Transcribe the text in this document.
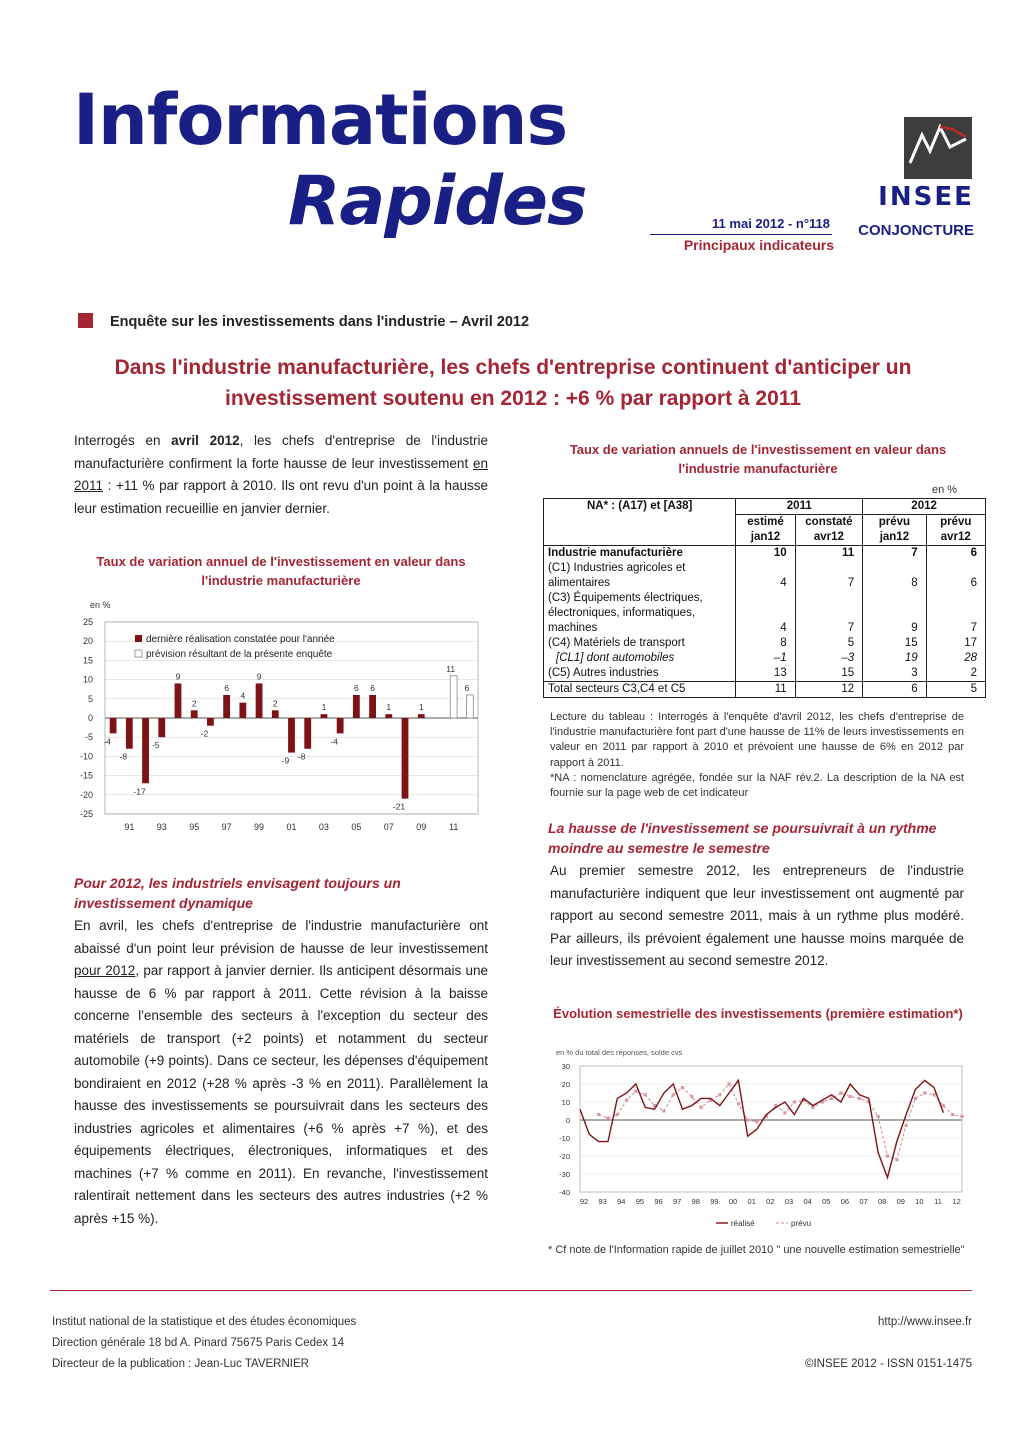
Informations
Rapides	11 mai 2012 - n°118
Principaux indicateurs
INSEE
CONJONCTURE
Enquête sur les investissements dans l'industrie – Avril 2012
Dans l'industrie manufacturière, les chefs d'entreprise continuent d'anticiper un investissement soutenu en 2012 : +6 % par rapport à 2011

Interrogés en avril 2012, les chefs d'entreprise de l'industrie manufacturière confirment la forte hausse de leur investissement en 2011 : +11 % par rapport à 2010. Ils ont revu d'un point à la hausse leur estimation recueillie en janvier dernier.

Taux de variation annuel de l'investissement en valeur dans l'industrie manufacturière
en %
-25
-20
-15
-10
-5
0
5
10
15
20
25
91 93 95 97 99 01 03 05 07 09	11
-4
-8
-17
-5
9
2
-2
6
4
9
2
-9 -8
1
-4
6 6
1
-21
1
11
6
dernière réalisation constatée pour l'année
prévision résultant de la présente enquête
Pour 2012, les industriels envisagent toujours un investissement dynamique

En avril, les chefs d'entreprise de l'industrie manufacturière ont abaissé d'un point leur prévision de hausse de leur investissement pour 2012, par rapport à janvier dernier. Ils anticipent désormais une hausse de 6 % par rapport à 2011. Cette révision à la baisse concerne l'ensemble des secteurs à l'exception du secteur des matériels de transport (+2 points) et notamment du secteur automobile (+9 points). Dans ce secteur, les dépenses d'équipement bondiraient en 2012 (+28 % après -3 % en 2011). Parallèlement la hausse des investissements se poursuivrait dans les secteurs des industries agricoles et alimentaires (+6 % après +7 %), et des équipements électriques, électroniques, informatiques et des machines (+7 % comme en 2011). En revanche, l'investissement ralentirait nettement dans les secteurs des autres industries (+2 % après +15 %).

Taux de variation annuels de l'investissement en valeur dans l'industrie manufacturière
en %
NA* : (A17) et [A38]	2011		2012	
	estimé jan12	constaté avr12	prévu jan12	prévu avr12
Industrie manufacturière	10	11	7	6
(C1) Industries agricoles et alimentaires	4	7	8	6
(C3) Équipements électriques, électroniques, informatiques, machines	4	7	9	7
(C4) Matériels de transport	8	5	15	17
[CL1] dont automobiles	–1	–3	19	28
(C5) Autres industries	13	15	3	2
Total secteurs C3,C4 et C5	11	12	6	5

Lecture du tableau : Interrogés à l'enquête d'avril 2012, les chefs d'entreprise de l'industrie manufacturière font part d'une hausse de 11% de leurs investissements en valeur en 2011 par rapport à 2010 et prévoient une hausse de 6% en 2012 par rapport à 2011.

*NA : nomenclature agrégée, fondée sur la NAF rév.2. La description de la NA est fournie sur la page web de cet indicateur

La hausse de l'investissement se poursuivrait à un rythme moindre au semestre le semestre

Au premier semestre 2012, les entrepreneurs de l'industrie manufacturière indiquent que leur investissement ont augmenté par rapport au second semestre 2011, mais à un rythme plus modéré. Par ailleurs, ils prévoient également une hausse moins marquée de leur investissement au second semestre 2012.

Évolution semestrielle des investissements (première estimation*)
en % du total des réponses, solde cvs
-40
-30
-20
-10
0
10
20
30
92 93 94 95 96 97 98 99 00 01 02 03 04 05 06 07 08 09 10 11 12
réalisé	prévu
* Cf note de l'Information rapide de juillet 2010 " une nouvelle estimation semestrielle"
Institut national de la statistique et des études économiques
Direction générale 18 bd A. Pinard 75675 Paris Cedex 14
Directeur de la publication : Jean-Luc TAVERNIER
http://www.insee.fr

©INSEE 2012 - ISSN 0151-1475
